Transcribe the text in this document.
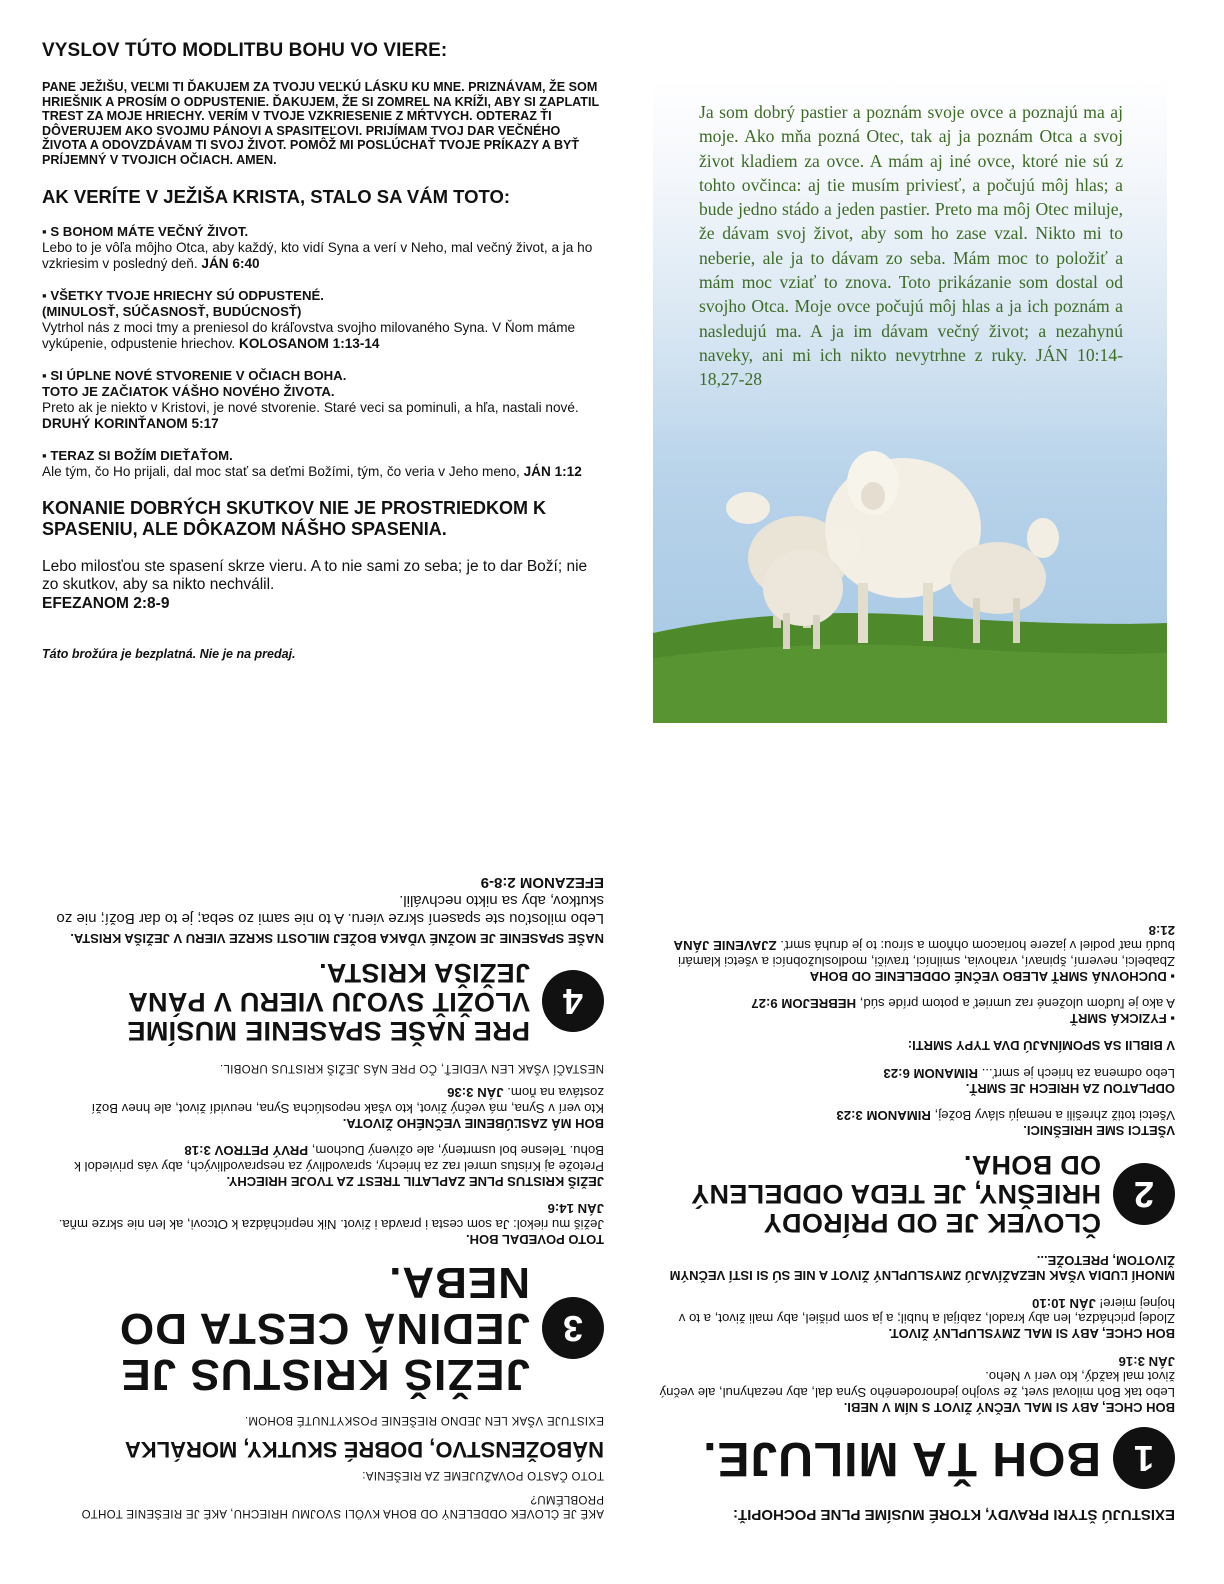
VYSLOV TÚTO MODLITBU BOHU VO VIERE:

PANE JEŽIŠU, VEĽMI TI ĎAKUJEM ZA TVOJU VEĽKÚ LÁSKU KU MNE. PRIZNÁVAM, ŽE SOM HRIEŠNIK A PROSÍM O ODPUSTENIE. ĎAKUJEM, ŽE SI ZOMREL NA KRÍŽI, ABY SI ZAPLATIL TREST ZA MOJE HRIECHY. VERÍM V TVOJE VZKRIESENIE Z MŔTVYCH. ODTERAZ ŤI DÔVERUJEM AKO SVOJMU PÁNOVI A SPASITEĽOVI. PRIJÍMAM TVOJ DAR VEČNÉHO ŽIVOTA A ODOVZDÁVAM TI SVOJ ŽIVOT. POMÔŽ MI POSLÚCHAŤ TVOJE PRÍKAZY A BYŤ PRÍJEMNÝ V TVOJICH OČIACH. AMEN.

AK VERÍTE V JEŽIŠA KRISTA, STALO SA VÁM TOTO:

▪ S BOHOM MÁTE VEČNÝ ŽIVOT.
Lebo to je vôľa môjho Otca, aby každý, kto vidí Syna a verí v Neho, mal večný život, a ja ho vzkriesim v posledný deň. JÁN 6:40
▪ VŠETKY TVOJE HRIECHY SÚ ODPUSTENÉ.
(MINULOSŤ, SÚČASNOSŤ, BUDÚCNOSŤ)
Vytrhol nás z moci tmy a preniesol do kráľovstva svojho milovaného Syna. V Ňom máme vykúpenie, odpustenie hriechov. KOLOSANOM 1:13-14
▪ SI ÚPLNE NOVÉ STVORENIE V OČIACH BOHA.
TOTO JE ZAČIATOK VÁŠHO NOVÉHO ŽIVOTA.
Preto ak je niekto v Kristovi, je nové stvorenie. Staré veci sa pominuli, a hľa, nastali nové. DRUHÝ KORINŤANOM 5:17
▪ TERAZ SI BOŽÍM DIEŤAŤOM.
Ale tým, čo Ho prijali, dal moc stať sa deťmi Božími, tým, čo veria v Jeho meno, JÁN 1:12

KONANIE DOBRÝCH SKUTKOV NIE JE PROSTRIEDKOM K SPASENIU, ALE DÔKAZOM NÁŠHO SPASENIA.

Lebo milosťou ste spasení skrze vieru. A to nie sami zo seba; je to dar Boží; nie zo skutkov, aby sa nikto nechválil.
EFEZANOM 2:8-9

Táto brožúra je bezplatná. Nie je na predaj.

Ja som dobrý pastier a poznám svoje ovce a poznajú ma aj moje. Ako mňa pozná Otec, tak aj ja poznám Otca a svoj život kladiem za ovce. A mám aj iné ovce, ktoré nie sú z tohto ovčinca: aj tie musím priviesť, a počujú môj hlas; a bude jedno stádo a jeden pastier. Preto ma môj Otec miluje, že dávam svoj život, aby som ho zase vzal. Nikto mi to neberie, ale ja to dávam zo seba. Mám moc to položiť a mám moc vziať to znova. Toto prikázanie som dostal od svojho Otca. Moje ovce počujú môj hlas a ja ich poznám a nasledujú ma. A ja im dávam večný život; a nezahynú naveky, ani mi ich nikto nevytrhne z ruky. JÁN 10:14-18,27-28

AKÉ JE ČLOVEK ODDELENÝ OD BOHA KVÔLI SVOJMU HRIECHU, AKÉ JE RIEŠENIE TOHTO PROBLÉMU?
TOTO ČASTO POVAŽUJEME ZA RIEŠENIA:
NÁBOŽENSTVO, DOBRÉ SKUTKY, MORÁLKA
EXISTUJE VŠAK LEN JEDNO RIEŠENIE POSKYTNUTÉ BOHOM.
3
JEŽIŠ KRISTUS JE JEDINÁ CESTA DO NEBA.
TOTO POVEDAL BOH.
Ježiš mu riekol: Ja som cesta i pravda i život. Nik neprichádza k Otcovi, ak len nie skrze mňa. JÁN 14:6
JEŽIŠ KRISTUS PLNE ZAPLATIL TREST ZA TVOJE HRIECHY.
Pretože aj Kristus umrel raz za hriechy, spravodlivý za nespravodlivých, aby vás priviedol k Bohu. Telesne bol usmrtený, ale oživený Duchom, PRVÝ PETROV 3:18
BOH MÁ ZASĽÚBENIE VEČNÉHO ŽIVOTA.
Kto verí v Syna, má večný život, kto však neposlúcha Syna, neuvidí život, ale hnev Boží zostáva na ňom. JÁN 3:36
NESTAČÍ VŠAK LEN VEDIEŤ, ČO PRE NÁS JEŽIŠ KRISTUS UROBIL.
4
PRE NAŠE SPASENIE MUSÍME VLOŽIŤ SVOJU VIERU V PÁNA JEŽIŠA KRISTA.
NAŠE SPASENIE JE MOŽNÉ VĎAKA BOŽEJ MILOSTI SKRZE VIERU V JEŽIŠA KRISTA.
Lebo milosťou ste spasení skrze vieru. A to nie sami zo seba; je to dar Boží; nie zo skutkov, aby sa nikto nechválil.
EFEZANOM 2:8-9
EXISTUJÚ ŠTYRI PRAVDY, KTORÉ MUSÍME PLNE POCHOPIŤ:
1
BOH ŤA MILUJE.
BOH CHCE, ABY SI MAL VEČNÝ ŽIVOT S NÍM V NEBI.
Lebo tak Boh miloval svet, že svojho jednorodeného Syna dal, aby nezahynul, ale večný život mal každý, kto verí v Neho.
JÁN 3:16
BOH CHCE, ABY SI MAL ZMYSLUPLNÝ ŽIVOT.
Zlodej prichádza, len aby kradol, zabíjal a hubil; a ja som prišiel, aby mali život, a to v hojnej miere! JÁN 10:10
MNOHÍ ĽUDIA VŠAK NEZAŽÍVAJÚ ZMYSLUPLNÝ ŽIVOT A NIE SÚ SI ISTÍ VEČNÝM ŽIVOTOM, PRETOŽE...
2
ČLOVEK JE OD PRÍRODY HRIEŠNY, JE TEDA ODDELENÝ OD BOHA.
VŠETCI SME HRIEŠNICI.
Všetci totiž zhrešili a nemajú slávy Božej, RIMANOM 3:23
ODPLATOU ZA HRIECH JE SMRŤ.
Lebo odmena za hriech je smrť... RIMANOM 6:23
V BIBLII SA SPOMÍNAJÚ DVA TYPY SMRTI:
▪ FYZICKÁ SMRŤ
A ako je ľuďom uložené raz umrieť a potom príde súd, HEBREJOM 9:27
▪ DUCHOVNÁ SMRŤ ALEBO VEČNÉ ODDELENIE OD BOHA
Zbabelci, neverní, špinaví, vrahovia, smilníci, traviči, modloslužobníci a všetci klamári budú mať podiel v jazere horiacom ohňom a sírou: to je druhá smrť. ZJAVENIE JÁNA 21:8
